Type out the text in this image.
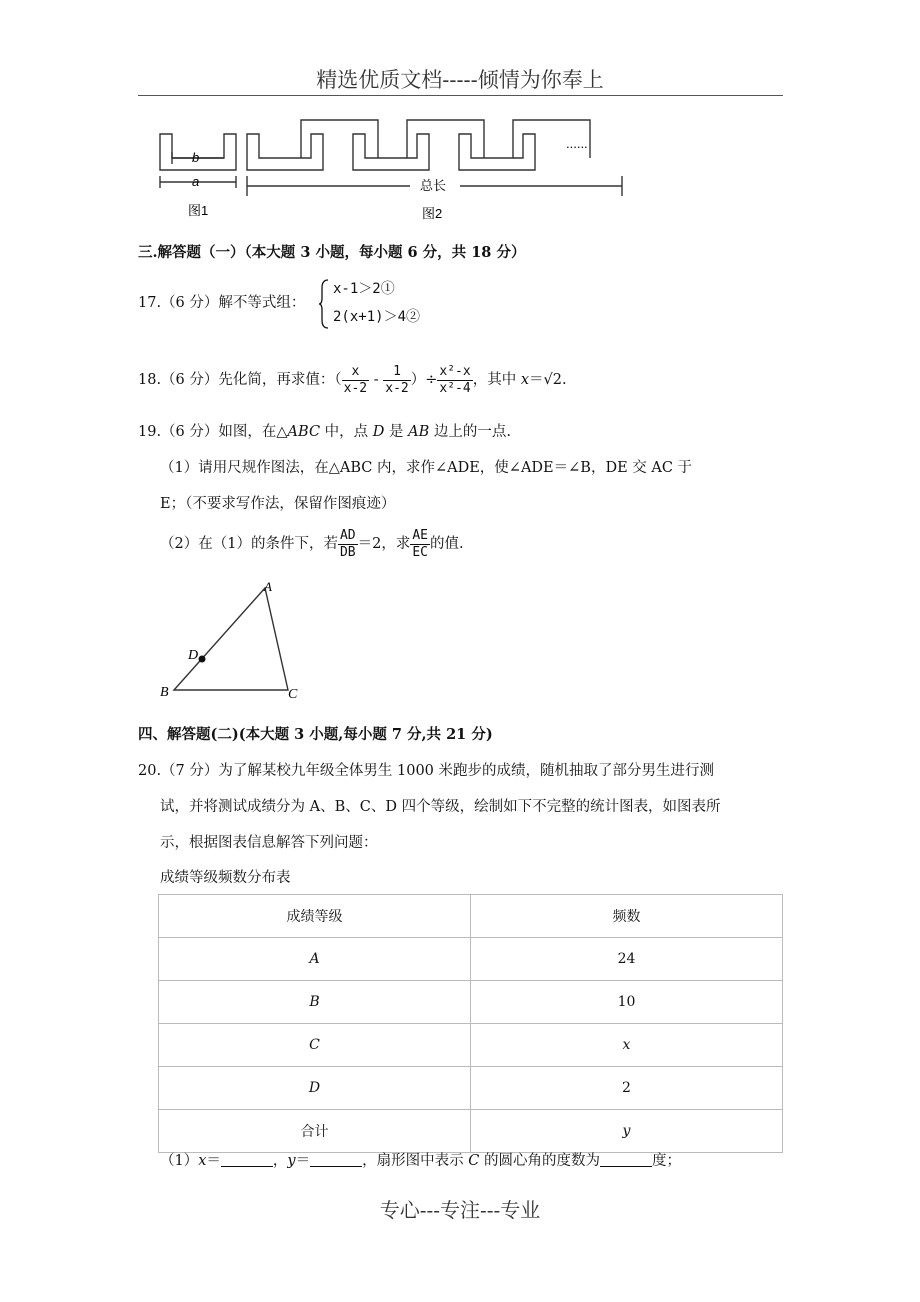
精选优质文档-----倾情为你奉上
b
a	总长
......
图1	图2
三.解答题（一）（本大题 3 小题，每小题 6 分，共 18 分）
17.（6 分）解不等式组：
x-1＞2①
2(x+1)＞4②
18.（6 分）先化简，再求值：（ $\frac{x}{x-2} - \frac{1}{x-2}$ ）÷ $\frac{\text{x²-x}}{\text{x²-4}}$ ，其中 x＝√2.
19.（6 分）如图，在△ABC 中，点 D 是 AB 边上的一点.
（1）请用尺规作图法，在△ABC 内，求作∠ADE，使∠ADE＝∠B，DE 交 AC 于
E；（不要求写作法，保留作图痕迹）
（2）在（1）的条件下，若 $\frac{AD}{DB} =2$，求 $\frac{AE}{EC}$ 的值.
A
B	C
D
四、解答题(二)(本大题 3 小题,每小题 7 分,共 21 分)
20.（7 分）为了解某校九年级全体男生 1000 米跑步的成绩，随机抽取了部分男生进行测
试，并将测试成绩分为 A、B、C、D 四个等级，绘制如下不完整的统计图表，如图表所
示，根据图表信息解答下列问题：
成绩等级频数分布表
成绩等级	频数
A	24
B	10
C	x
D	2
合计	y
（1）x＝	，y＝	，扇形图中表示 C 的圆心角的度数为	度；
专心---专注---专业
